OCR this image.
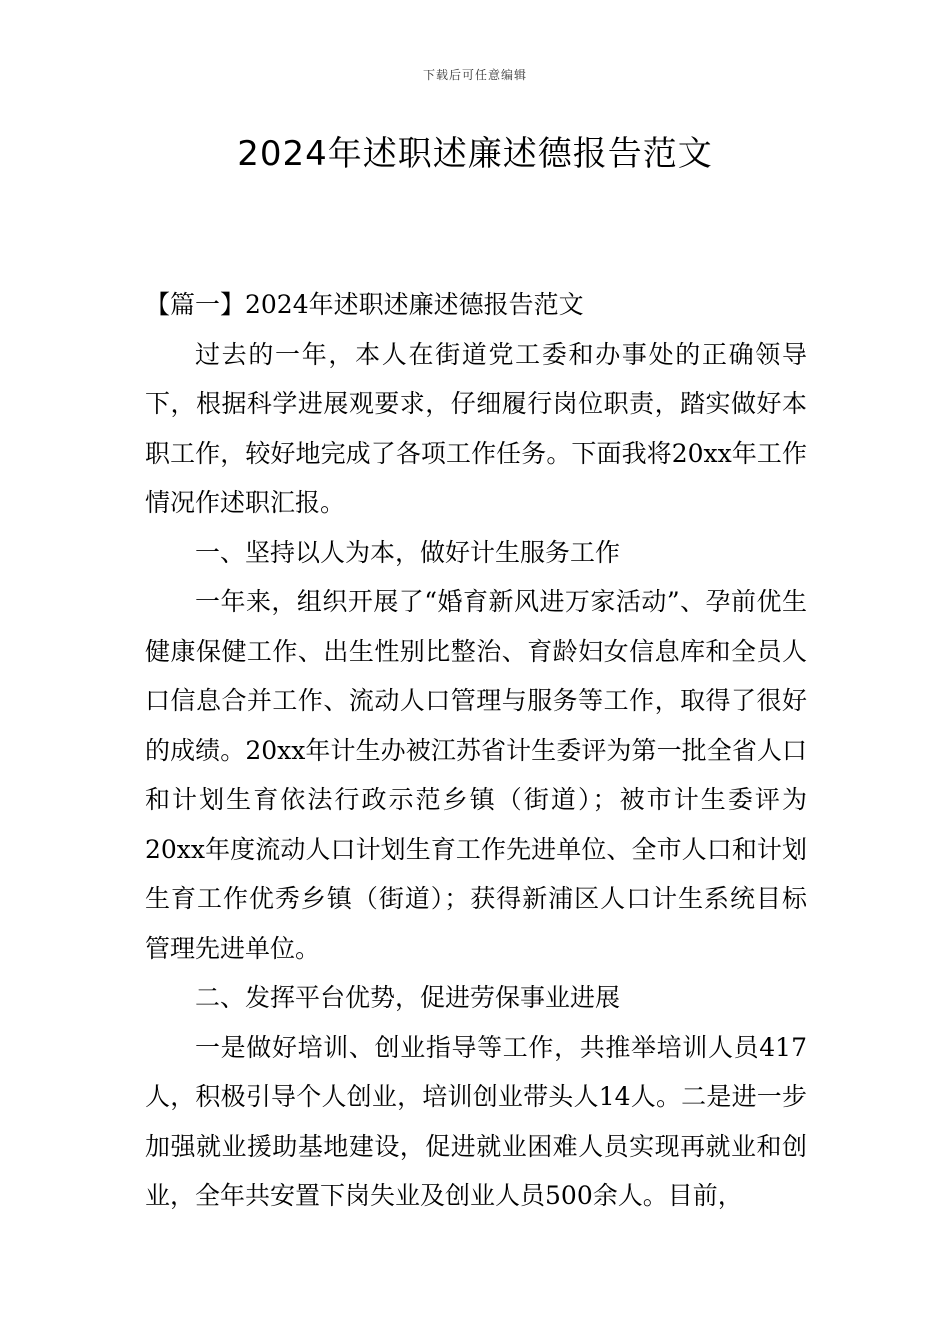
下载后可任意编辑
2024年述职述廉述德报告范文

【篇一】2024年述职述廉述德报告范文

过去的一年，本人在街道党工委和办事处的正确领导下，根据科学进展观要求，仔细履行岗位职责，踏实做好本职工作，较好地完成了各项工作任务。下面我将20xx年工作情况作述职汇报。

一、坚持以人为本，做好计生服务工作

一年来，组织开展了“婚育新风进万家活动”、孕前优生健康保健工作、出生性别比整治、育龄妇女信息库和全员人口信息合并工作、流动人口管理与服务等工作，取得了很好的成绩。20xx年计生办被江苏省计生委评为第一批全省人口和计划生育依法行政示范乡镇（街道）；被市计生委评为20xx年度流动人口计划生育工作先进单位、全市人口和计划生育工作优秀乡镇（街道）；获得新浦区人口计生系统目标管理先进单位。

二、发挥平台优势，促进劳保事业进展

一是做好培训、创业指导等工作，共推举培训人员417人，积极引导个人创业，培训创业带头人14人。二是进一步加强就业援助基地建设，促进就业困难人员实现再就业和创业，全年共安置下岗失业及创业人员500余人。目前，
